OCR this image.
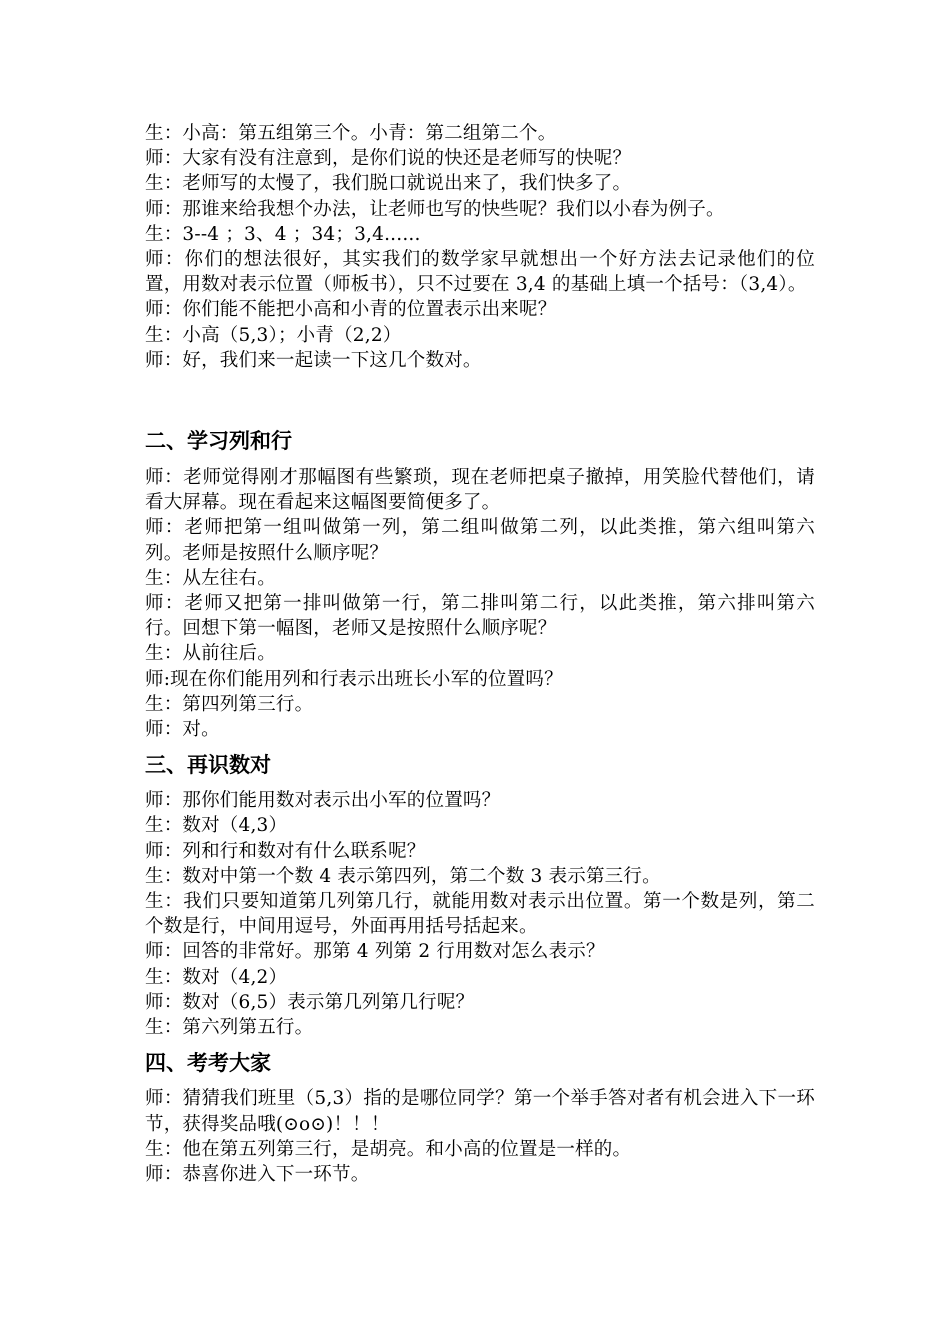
生：小高：第五组第三个。小青：第二组第二个。

师：大家有没有注意到，是你们说的快还是老师写的快呢？

生：老师写的太慢了，我们脱口就说出来了，我们快多了。

师：那谁来给我想个办法，让老师也写的快些呢？我们以小春为例子。

生：3--4 ；3、4 ；34；3,4......

师：你们的想法很好，其实我们的数学家早就想出一个好方法去记录他们的位置，用数对表示位置（师板书），只不过要在 3,4 的基础上填一个括号：（3,4）。

师：你们能不能把小高和小青的位置表示出来呢？

生：小高（5,3）；小青（2,2）

师：好，我们来一起读一下这几个数对。

二、学习列和行

师：老师觉得刚才那幅图有些繁琐，现在老师把桌子撤掉，用笑脸代替他们，请看大屏幕。现在看起来这幅图要简便多了。

师：老师把第一组叫做第一列，第二组叫做第二列，以此类推，第六组叫第六列。老师是按照什么顺序呢？

生：从左往右。

师：老师又把第一排叫做第一行，第二排叫第二行，以此类推，第六排叫第六行。回想下第一幅图，老师又是按照什么顺序呢？

生：从前往后。

师:现在你们能用列和行表示出班长小军的位置吗？

生：第四列第三行。

师：对。

三、再识数对

师：那你们能用数对表示出小军的位置吗？

生：数对（4,3）

师：列和行和数对有什么联系呢？

生：数对中第一个数 4 表示第四列，第二个数 3 表示第三行。

生：我们只要知道第几列第几行，就能用数对表示出位置。第一个数是列，第二个数是行，中间用逗号，外面再用括号括起来。

师：回答的非常好。那第 4 列第 2 行用数对怎么表示？

生：数对（4,2）

师：数对（6,5）表示第几列第几行呢？

生：第六列第五行。

四、考考大家

师：猜猜我们班里（5,3）指的是哪位同学？第一个举手答对者有机会进入下一环节，获得奖品哦(⊙o⊙)！！！

生：他在第五列第三行，是胡亮。和小高的位置是一样的。

师：恭喜你进入下一环节。
